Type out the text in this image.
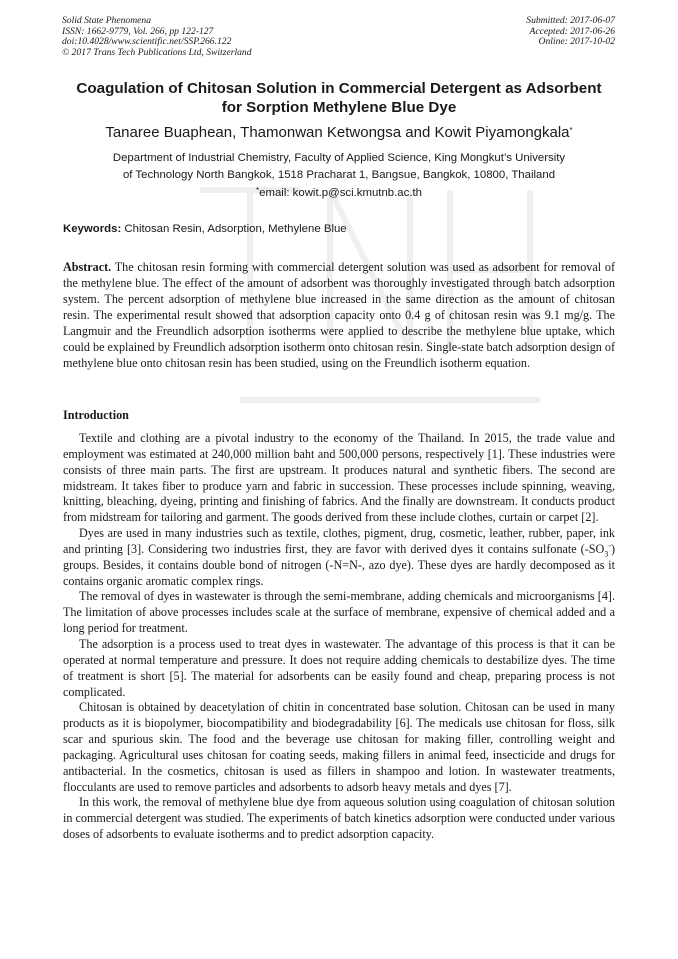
Solid State Phenomena
ISSN: 1662-9779, Vol. 266, pp 122-127
doi:10.4028/www.scientific.net/SSP.266.122
© 2017 Trans Tech Publications Ltd, Switzerland
Submitted: 2017-06-07
Accepted: 2017-06-26
Online: 2017-10-02
Coagulation of Chitosan Solution in Commercial Detergent as Adsorbent
for Sorption Methylene Blue Dye
Tanaree Buaphean, Thamonwan Ketwongsa and Kowit Piyamongkala*
Department of Industrial Chemistry, Faculty of Applied Science, King Mongkut’s University
of Technology North Bangkok, 1518 Pracharat 1, Bangsue, Bangkok, 10800, Thailand
*email: kowit.p@sci.kmutnb.ac.th
Keywords: Chitosan Resin, Adsorption, Methylene Blue
Abstract. The chitosan resin forming with commercial detergent solution was used as adsorbent for removal of the methylene blue. The effect of the amount of adsorbent was thoroughly investigated through batch adsorption system. The percent adsorption of methylene blue increased in the same direction as the amount of chitosan resin. The experimental result showed that adsorption capacity onto 0.4 g of chitosan resin was 9.1 mg/g. The Langmuir and the Freundlich adsorption isotherms were applied to describe the methylene blue uptake, which could be explained by Freundlich adsorption isotherm onto chitosan resin. Single-state batch adsorption design of methylene blue onto chitosan resin has been studied, using on the Freundlich isotherm equation.
Introduction

Textile and clothing are a pivotal industry to the economy of the Thailand. In 2015, the trade value and employment was estimated at 240,000 million baht and 500,000 persons, respectively [1]. These industries were consists of three main parts. The first are upstream. It produces natural and synthetic fibers. The second are midstream. It takes fiber to produce yarn and fabric in succession. These processes include spinning, weaving, knitting, bleaching, dyeing, printing and finishing of fabrics. And the finally are downstream. It conducts product from midstream for tailoring and garment. The goods derived from these include clothes, curtain or carpet [2].

Dyes are used in many industries such as textile, clothes, pigment, drug, cosmetic, leather, rubber, paper, ink and printing [3]. Considering two industries first, they are favor with derived dyes it contains sulfonate $(-SO_3^-)$ groups. Besides, it contains double bond of nitrogen (-N=N-, azo dye). These dyes are hardly decomposed as it contains organic aromatic complex rings.

The removal of dyes in wastewater is through the semi-membrane, adding chemicals and microorganisms [4]. The limitation of above processes includes scale at the surface of membrane, expensive of chemical added and a long period for treatment.

The adsorption is a process used to treat dyes in wastewater. The advantage of this process is that it can be operated at normal temperature and pressure. It does not require adding chemicals to destabilize dyes. The time of treatment is short [5]. The material for adsorbents can be easily found and cheap, preparing process is not complicated.

Chitosan is obtained by deacetylation of chitin in concentrated base solution. Chitosan can be used in many products as it is biopolymer, biocompatibility and biodegradability [6]. The medicals use chitosan for floss, silk scar and spurious skin. The food and the beverage use chitosan for making filler, controlling weight and packaging. Agricultural uses chitosan for coating seeds, making fillers in animal feed, insecticide and drugs for antibacterial. In the cosmetics, chitosan is used as fillers in shampoo and lotion. In wastewater treatments, flocculants are used to remove particles and adsorbents to adsorb heavy metals and dyes [7].

In this work, the removal of methylene blue dye from aqueous solution using coagulation of chitosan solution in commercial detergent was studied. The experiments of batch kinetics adsorption were conducted under various doses of adsorbents to evaluate isotherms and to predict adsorption capacity.
